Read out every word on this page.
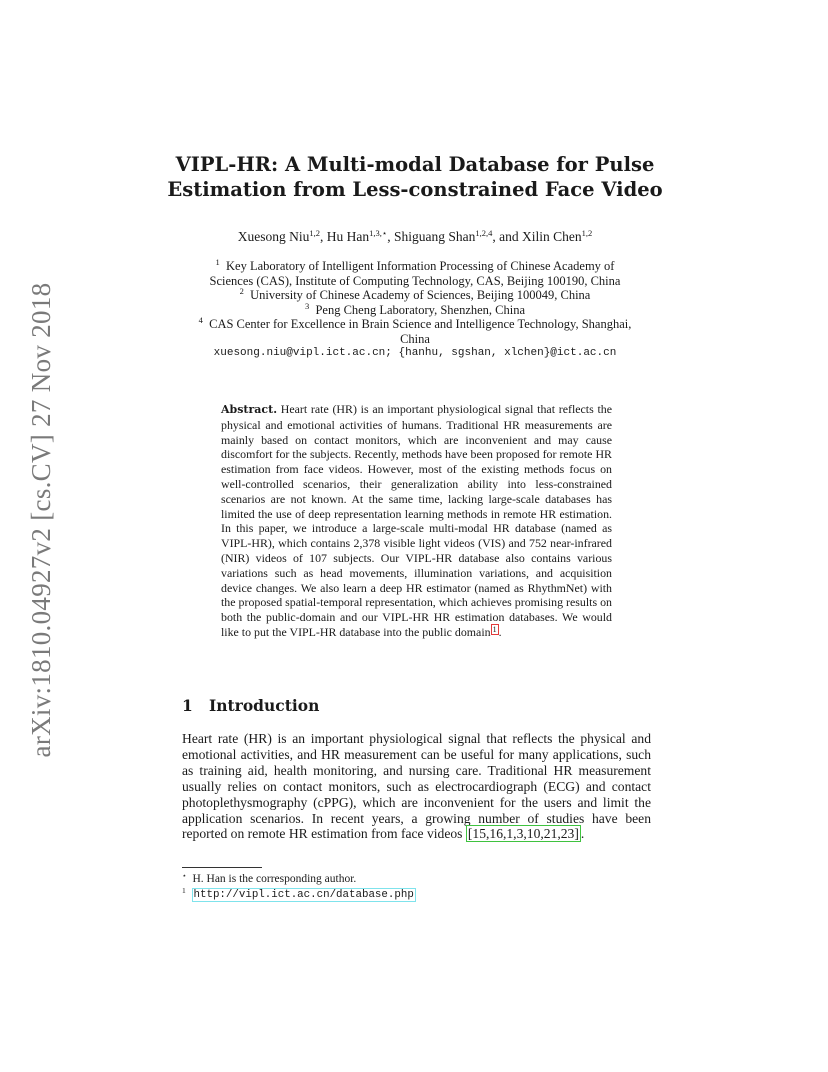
arXiv:1810.04927v2 [cs.CV] 27 Nov 2018
VIPL-HR: A Multi-modal Database for Pulse
Estimation from Less-constrained Face Video
Xuesong Niu$^{1,2}$, Hu Han$^{1,3,⋆}$, Shiguang Shan$^{1,2,4}$, and Xilin Chen$^{1,2}$
$^1$ Key Laboratory of Intelligent Information Processing of Chinese Academy of
Sciences (CAS), Institute of Computing Technology, CAS, Beijing 100190, China
$^2$ University of Chinese Academy of Sciences, Beijing 100049, China
$^3$ Peng Cheng Laboratory, Shenzhen, China
$^4$ CAS Center for Excellence in Brain Science and Intelligence Technology, Shanghai,
China
xuesong.niu@vipl.ict.ac.cn; {hanhu, sgshan, xlchen}@ict.ac.cn
Abstract. Heart rate (HR) is an important physiological signal that reflects the physical and emotional activities of humans. Traditional HR measurements are mainly based on contact monitors, which are inconvenient and may cause discomfort for the subjects. Recently, methods have been proposed for remote HR estimation from face videos. However, most of the existing methods focus on well-controlled scenarios, their generalization ability into less-constrained scenarios are not known. At the same time, lacking large-scale databases has limited the use of deep representation learning methods in remote HR estimation. In this paper, we introduce a large-scale multi-modal HR database (named as VIPL-HR), which contains 2,378 visible light videos (VIS) and 752 near-infrared (NIR) videos of 107 subjects. Our VIPL-HR database also contains various variations such as head movements, illumination variations, and acquisition device changes. We also learn a deep HR estimator (named as RhythmNet) with the proposed spatial-temporal representation, which achieves promising results on both the public-domain and our VIPL-HR HR estimation databases. We would like to put the VIPL-HR database into the public domain $^1$ .
1 Introduction
Heart rate (HR) is an important physiological signal that reflects the physical and emotional activities, and HR measurement can be useful for many applications, such as training aid, health monitoring, and nursing care. Traditional HR measurement usually relies on contact monitors, such as electrocardiograph (ECG) and contact photoplethysmography (cPPG), which are inconvenient for the users and limit the application scenarios. In recent years, a growing number of studies have been reported on remote HR estimation from face videos [15,16,1,3,10,21,23] .
⋆ H. Han is the corresponding author.
$^1$ http://vipl.ict.ac.cn/database.php
